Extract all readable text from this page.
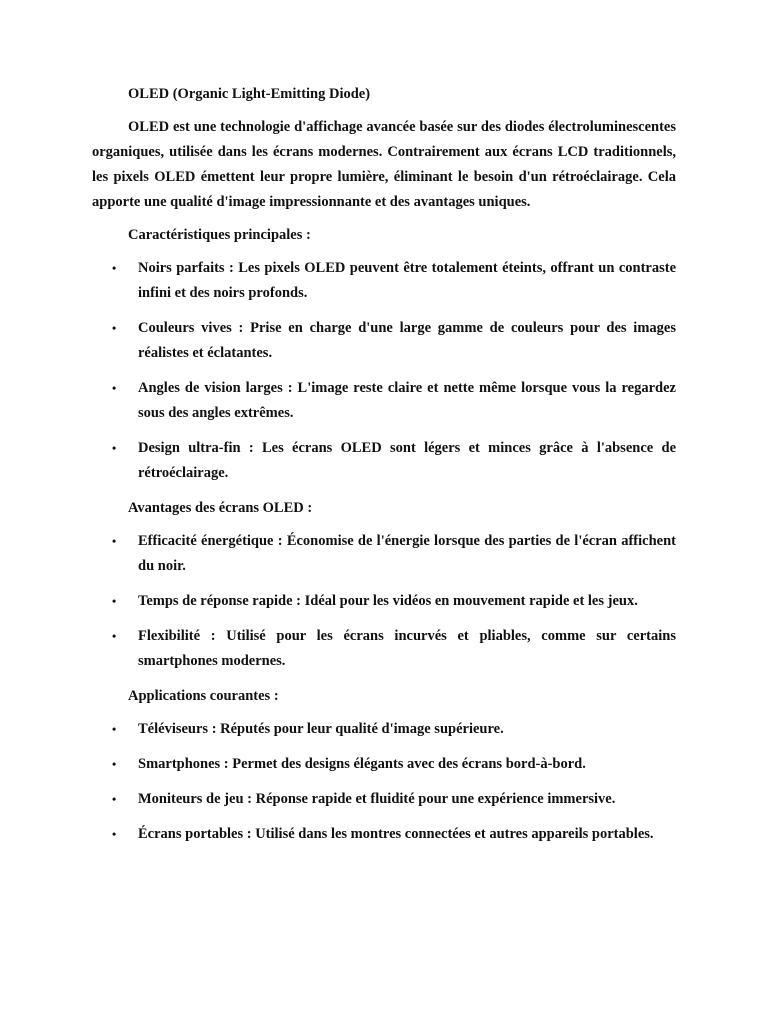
OLED (Organic Light-Emitting Diode)

OLED est une technologie d'affichage avancée basée sur des diodes électroluminescentes organiques, utilisée dans les écrans modernes. Contrairement aux écrans LCD traditionnels, les pixels OLED émettent leur propre lumière, éliminant le besoin d'un rétroéclairage. Cela apporte une qualité d'image impressionnante et des avantages uniques.

Caractéristiques principales :

• Noirs parfaits : Les pixels OLED peuvent être totalement éteints, offrant un contraste infini et des noirs profonds.
• Couleurs vives : Prise en charge d'une large gamme de couleurs pour des images réalistes et éclatantes.
• Angles de vision larges : L'image reste claire et nette même lorsque vous la regardez sous des angles extrêmes.
• Design ultra-fin : Les écrans OLED sont légers et minces grâce à l'absence de rétroéclairage.

Avantages des écrans OLED :

• Efficacité énergétique : Économise de l'énergie lorsque des parties de l'écran affichent du noir.
• Temps de réponse rapide : Idéal pour les vidéos en mouvement rapide et les jeux.
• Flexibilité : Utilisé pour les écrans incurvés et pliables, comme sur certains smartphones modernes.

Applications courantes :

• Téléviseurs : Réputés pour leur qualité d'image supérieure.
• Smartphones : Permet des designs élégants avec des écrans bord-à-bord.
• Moniteurs de jeu : Réponse rapide et fluidité pour une expérience immersive.
• Écrans portables : Utilisé dans les montres connectées et autres appareils portables.
